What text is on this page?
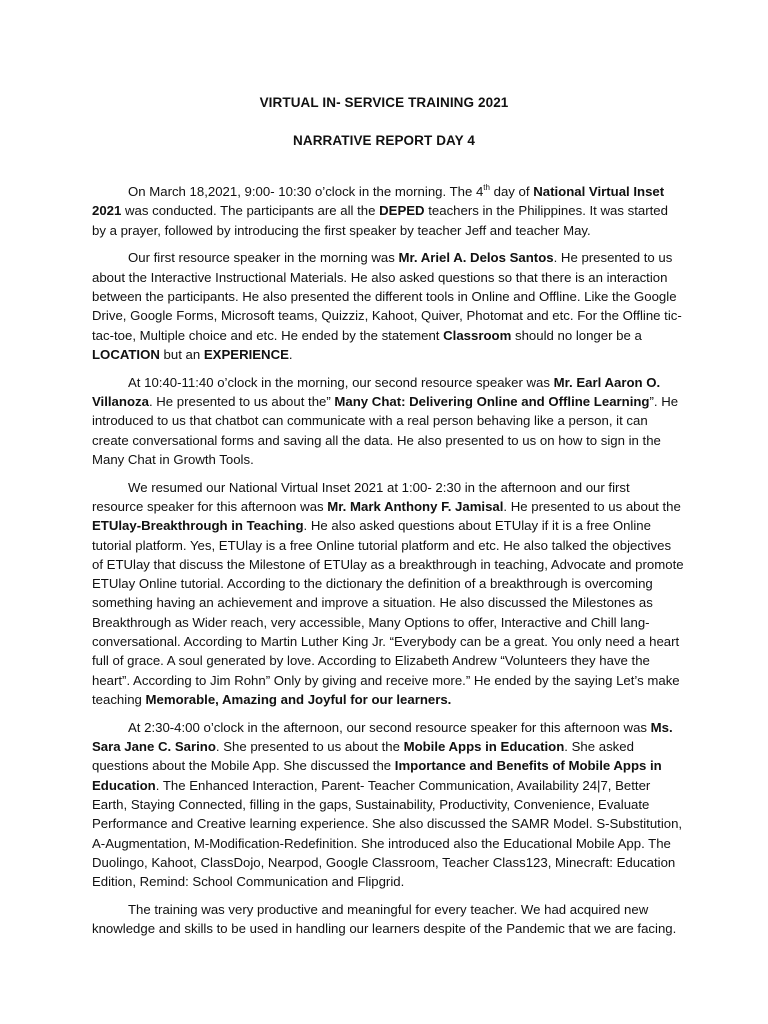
VIRTUAL IN- SERVICE TRAINING 2021
NARRATIVE REPORT DAY 4

On March 18,2021, 9:00- 10:30 o’clock in the morning. The 4th day of National Virtual Inset 2021 was conducted. The participants are all the DEPED teachers in the Philippines. It was started by a prayer, followed by introducing the first speaker by teacher Jeff and teacher May.

Our first resource speaker in the morning was Mr. Ariel A. Delos Santos. He presented to us about the Interactive Instructional Materials. He also asked questions so that there is an interaction between the participants. He also presented the different tools in Online and Offline. Like the Google Drive, Google Forms, Microsoft teams, Quizziz, Kahoot, Quiver, Photomat and etc. For the Offline tic-tac-toe, Multiple choice and etc. He ended by the statement Classroom should no longer be a LOCATION but an EXPERIENCE.

At 10:40-11:40 o’clock in the morning, our second resource speaker was Mr. Earl Aaron O. Villanoza. He presented to us about the” Many Chat: Delivering Online and Offline Learning”. He introduced to us that chatbot can communicate with a real person behaving like a person, it can create conversational forms and saving all the data. He also presented to us on how to sign in the Many Chat in Growth Tools.

We resumed our National Virtual Inset 2021 at 1:00- 2:30 in the afternoon and our first resource speaker for this afternoon was Mr. Mark Anthony F. Jamisal. He presented to us about the ETUlay-Breakthrough in Teaching. He also asked questions about ETUlay if it is a free Online tutorial platform. Yes, ETUlay is a free Online tutorial platform and etc. He also talked the objectives of ETUlay that discuss the Milestone of ETUlay as a breakthrough in teaching, Advocate and promote ETUlay Online tutorial. According to the dictionary the definition of a breakthrough is overcoming something having an achievement and improve a situation. He also discussed the Milestones as Breakthrough as Wider reach, very accessible, Many Options to offer, Interactive and Chill lang-conversational. According to Martin Luther King Jr. “Everybody can be a great. You only need a heart full of grace. A soul generated by love. According to Elizabeth Andrew “Volunteers they have the heart”. According to Jim Rohn” Only by giving and receive more.” He ended by the saying Let’s make teaching Memorable, Amazing and Joyful for our learners.

At 2:30-4:00 o’clock in the afternoon, our second resource speaker for this afternoon was Ms. Sara Jane C. Sarino. She presented to us about the Mobile Apps in Education. She asked questions about the Mobile App. She discussed the Importance and Benefits of Mobile Apps in Education. The Enhanced Interaction, Parent- Teacher Communication, Availability 24|7, Better Earth, Staying Connected, filling in the gaps, Sustainability, Productivity, Convenience, Evaluate Performance and Creative learning experience. She also discussed the SAMR Model. S-Substitution, A-Augmentation, M-Modification-Redefinition. She introduced also the Educational Mobile App. The Duolingo, Kahoot, ClassDojo, Nearpod, Google Classroom, Teacher Class123, Minecraft: Education Edition, Remind: School Communication and Flipgrid.

The training was very productive and meaningful for every teacher. We had acquired new knowledge and skills to be used in handling our learners despite of the Pandemic that we are facing.
